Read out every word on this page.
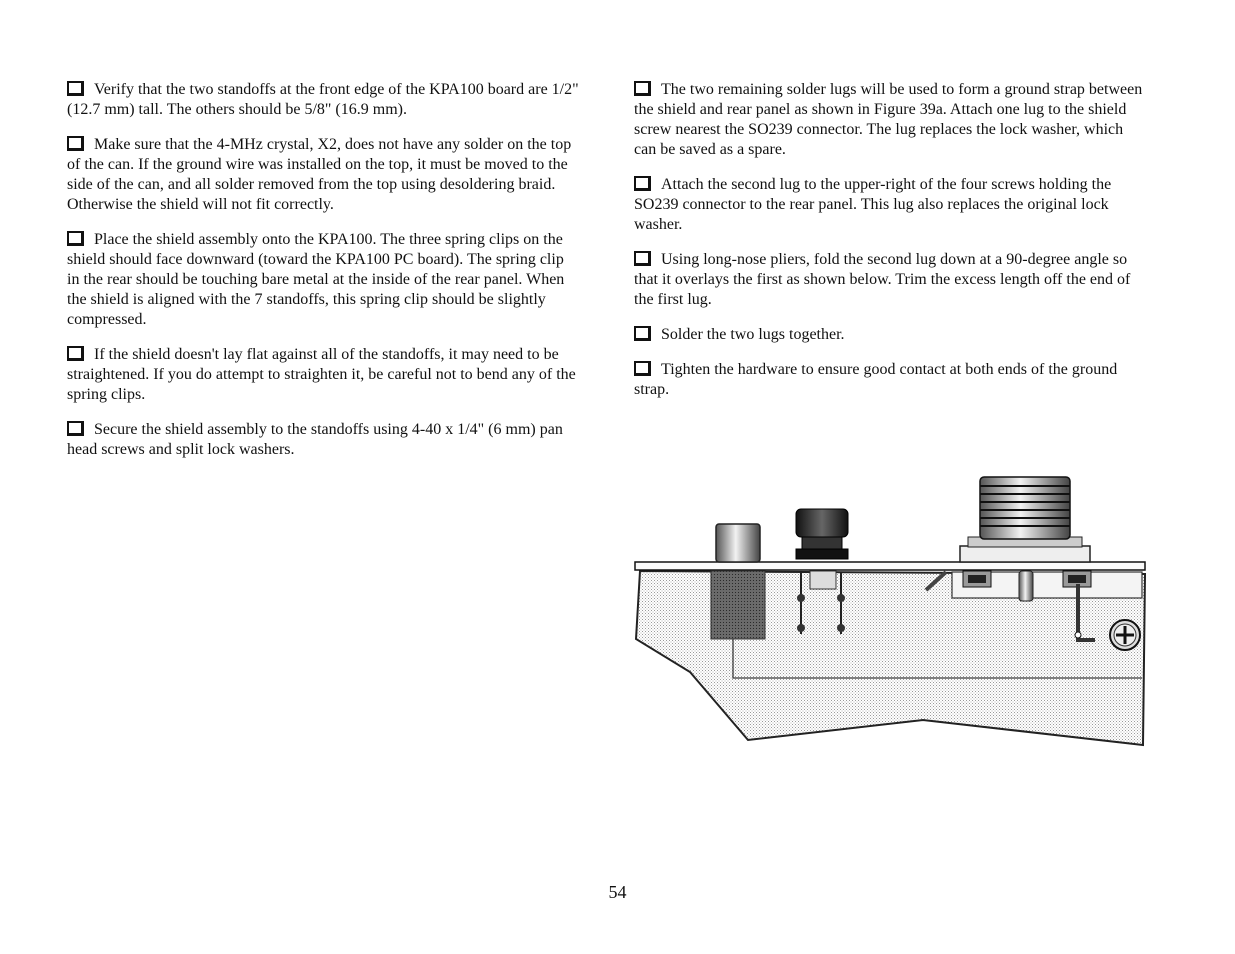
Verify that the two standoffs at the front edge of the KPA100 board are 1/2" (12.7 mm) tall. The others should be 5/8" (16.9 mm).

Make sure that the 4-MHz crystal, X2, does not have any solder on the top of the can. If the ground wire was installed on the top, it must be moved to the side of the can, and all solder removed from the top using desoldering braid. Otherwise the shield will not fit correctly.

Place the shield assembly onto the KPA100. The three spring clips on the shield should face downward (toward the KPA100 PC board). The spring clip in the rear should be touching bare metal at the inside of the rear panel. When the shield is aligned with the 7 standoffs, this spring clip should be slightly compressed.

If the shield doesn't lay flat against all of the standoffs, it may need to be straightened. If you do attempt to straighten it, be careful not to bend any of the spring clips.

Secure the shield assembly to the standoffs using 4-40 x 1/4" (6 mm) pan head screws and split lock washers.

The two remaining solder lugs will be used to form a ground strap between the shield and rear panel as shown in Figure 39a. Attach one lug to the shield screw nearest the SO239 connector. The lug replaces the lock washer, which can be saved as a spare.

Attach the second lug to the upper-right of the four screws holding the SO239 connector to the rear panel. This lug also replaces the original lock washer.

Using long-nose pliers, fold the second lug down at a 90-degree angle so that it overlays the first as shown below. Trim the excess length off the end of the first lug.

Solder the two lugs together.

Tighten the hardware to ensure good contact at both ends of the ground strap.

54
